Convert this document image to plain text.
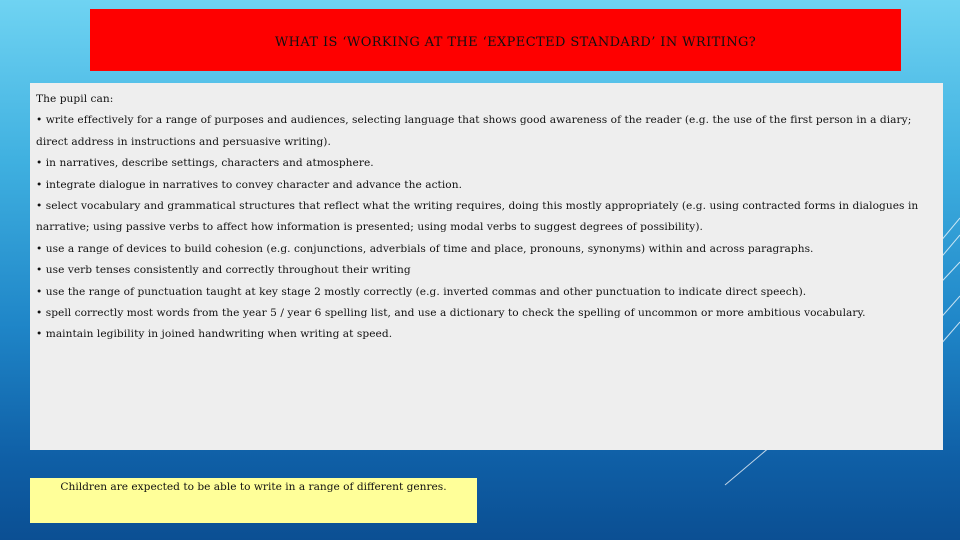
WHAT IS ‘WORKING AT THE ‘EXPECTED STANDARD’ IN WRITING?

The pupil can:

• write effectively for a range of purposes and audiences, selecting language that shows good awareness of the reader (e.g. the use of the first person in a diary; direct address in instructions and persuasive writing).
• in narratives, describe settings, characters and atmosphere.
• integrate dialogue in narratives to convey character and advance the action.
• select vocabulary and grammatical structures that reflect what the writing requires, doing this mostly appropriately (e.g. using contracted forms in dialogues in narrative; using passive verbs to affect how information is presented; using modal verbs to suggest degrees of possibility).
• use a range of devices to build cohesion (e.g. conjunctions, adverbials of time and place, pronouns, synonyms) within and across paragraphs.
• use verb tenses consistently and correctly throughout their writing
• use the range of punctuation taught at key stage 2 mostly correctly (e.g. inverted commas and other punctuation to indicate direct speech).
• spell correctly most words from the year 5 / year 6 spelling list, and use a dictionary to check the spelling of uncommon or more ambitious vocabulary.
• maintain legibility in joined handwriting when writing at speed.
Children are expected to be able to write in a range of different genres.
